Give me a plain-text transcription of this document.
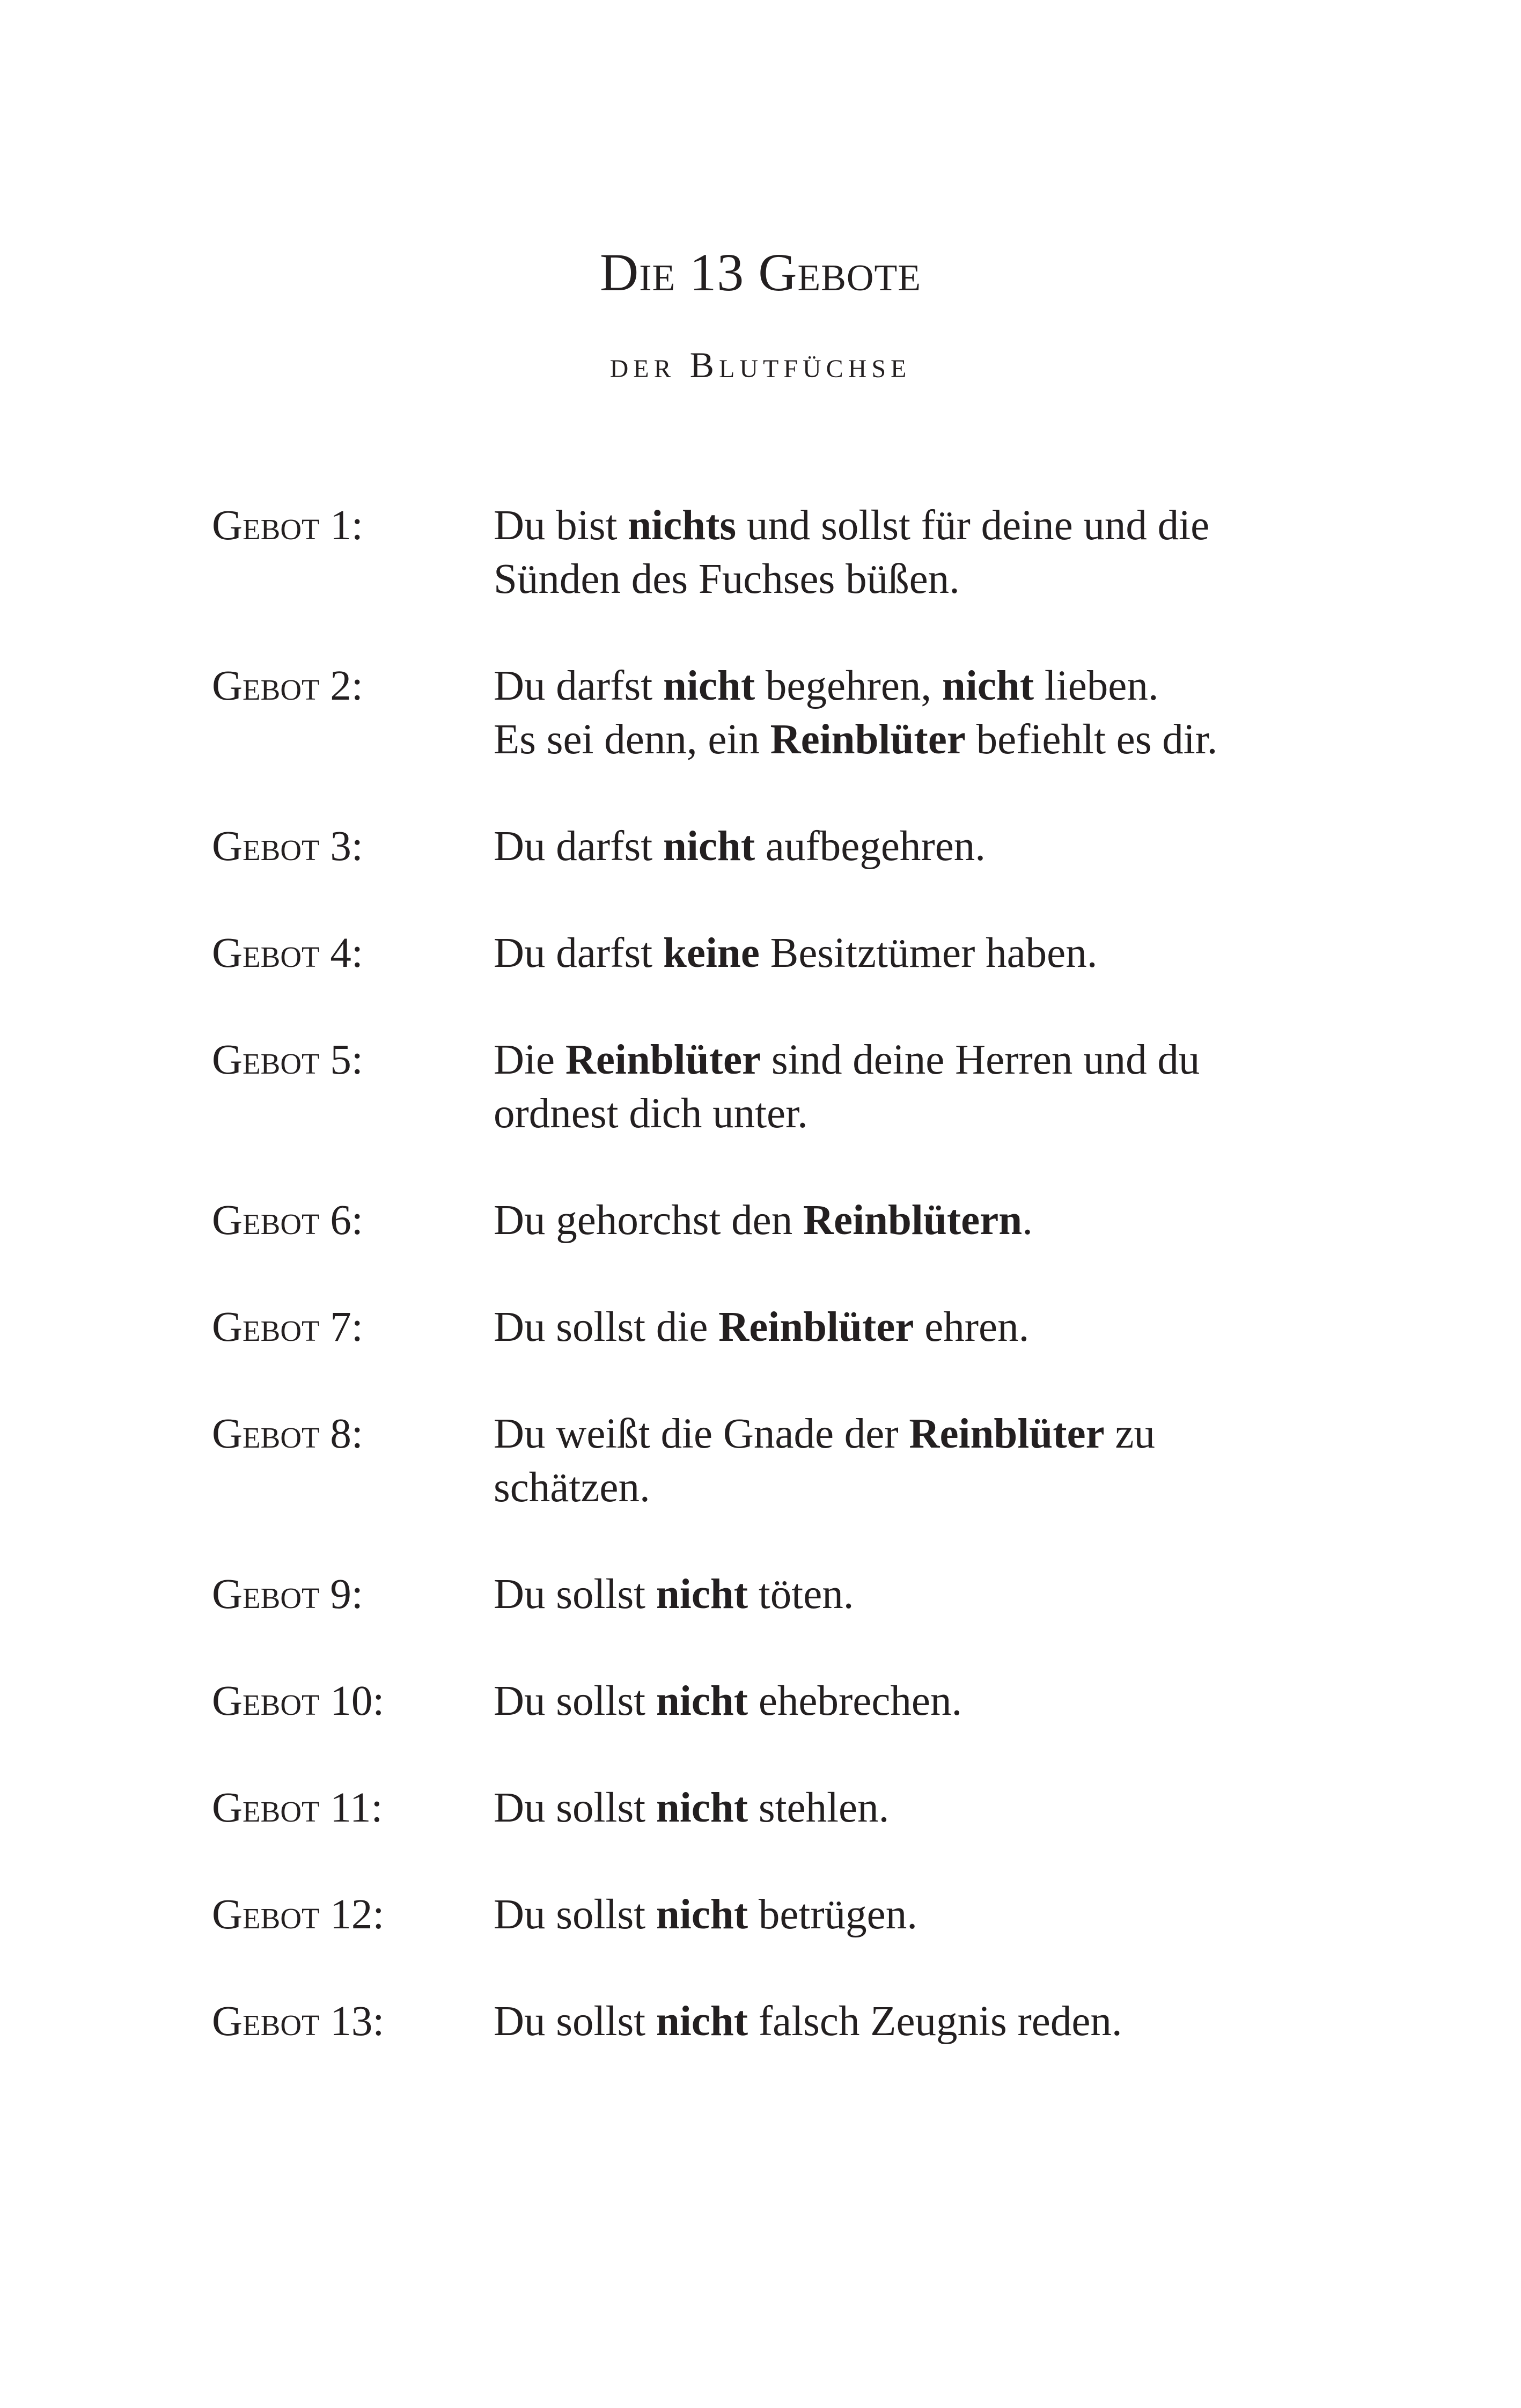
Die 13 Gebote
der Blutfüchse
Gebot 1:	Du bist nichts und sollst für deine und die
Sünden des Fuchses büßen.
Gebot 2:	Du darfst nicht begehren, nicht lieben.
Es sei denn, ein Reinblüter befiehlt es dir.
Gebot 3:	Du darfst nicht aufbegehren.
Gebot 4:	Du darfst keine Besitztümer haben.
Gebot 5:	Die Reinblüter sind deine Herren und du
ordnest dich unter.
Gebot 6:	Du gehorchst den Reinblütern.
Gebot 7:	Du sollst die Reinblüter ehren.
Gebot 8:	Du weißt die Gnade der Reinblüter zu
schätzen.
Gebot 9:	Du sollst nicht töten.
Gebot 10:	Du sollst nicht ehebrechen.
Gebot 11:	Du sollst nicht stehlen.
Gebot 12:	Du sollst nicht betrügen.
Gebot 13:	Du sollst nicht falsch Zeugnis reden.
